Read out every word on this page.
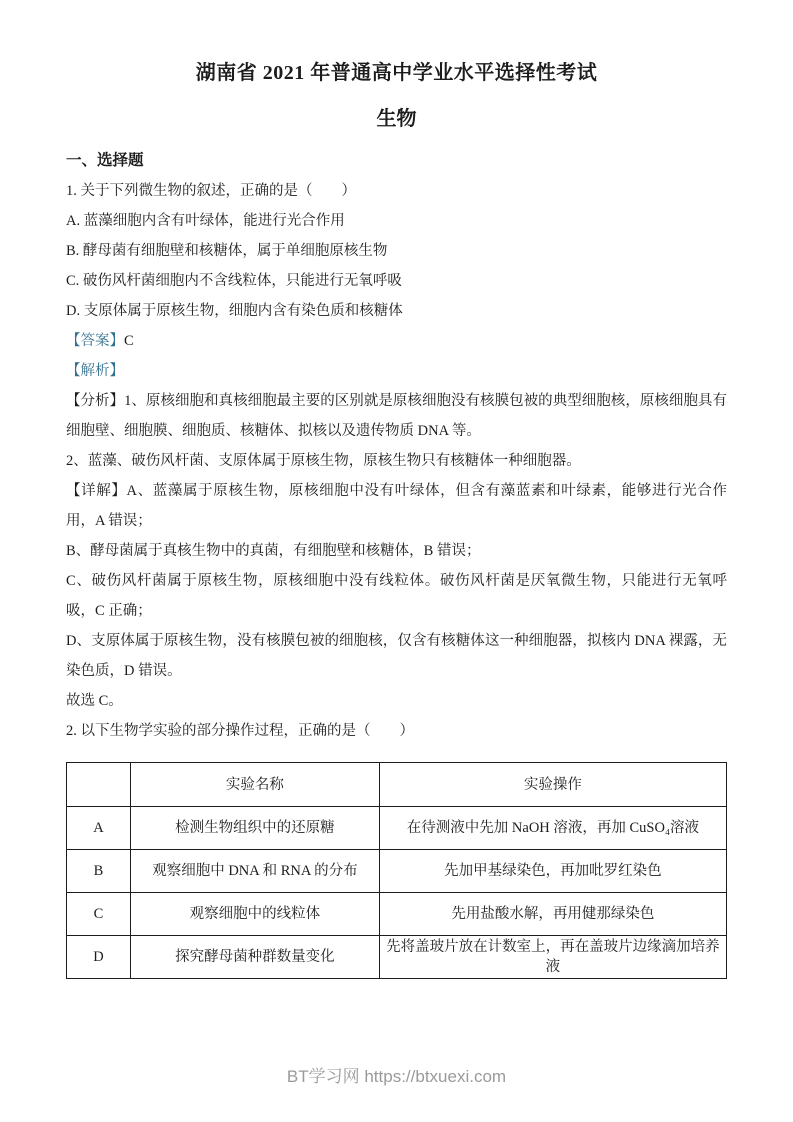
湖南省 2021 年普通高中学业水平选择性考试
生物
一、选择题
1. 关于下列微生物的叙述，正确的是（　　）
A. 蓝藻细胞内含有叶绿体，能进行光合作用
B. 酵母菌有细胞壁和核糖体，属于单细胞原核生物
C. 破伤风杆菌细胞内不含线粒体，只能进行无氧呼吸
D. 支原体属于原核生物，细胞内含有染色质和核糖体
【答案】C
【解析】
【分析】1、原核细胞和真核细胞最主要的区别就是原核细胞没有核膜包被的典型细胞核，原核细胞具有细胞壁、细胞膜、细胞质、核糖体、拟核以及遗传物质 DNA 等。
2、蓝藻、破伤风杆菌、支原体属于原核生物，原核生物只有核糖体一种细胞器。
【详解】A、蓝藻属于原核生物，原核细胞中没有叶绿体，但含有藻蓝素和叶绿素，能够进行光合作用，A 错误；
B、酵母菌属于真核生物中的真菌，有细胞壁和核糖体，B 错误；
C、破伤风杆菌属于原核生物，原核细胞中没有线粒体。破伤风杆菌是厌氧微生物，只能进行无氧呼吸，C 正确；
D、支原体属于原核生物，没有核膜包被的细胞核，仅含有核糖体这一种细胞器，拟核内 DNA 裸露，无染色质，D 错误。
故选 C。
2. 以下生物学实验的部分操作过程，正确的是（　　）
	实验名称	实验操作
A	检测生物组织中的还原糖	在待测液中先加 NaOH 溶液，再加 CuSO₄溶液
B	观察细胞中 DNA 和 RNA 的分布	先加甲基绿染色，再加吡罗红染色
C	观察细胞中的线粒体	先用盐酸水解，再用健那绿染色
D	探究酵母菌种群数量变化	先将盖玻片放在计数室上，再在盖玻片边缘滴加培养液
BT学习网 https://btxuexi.com
